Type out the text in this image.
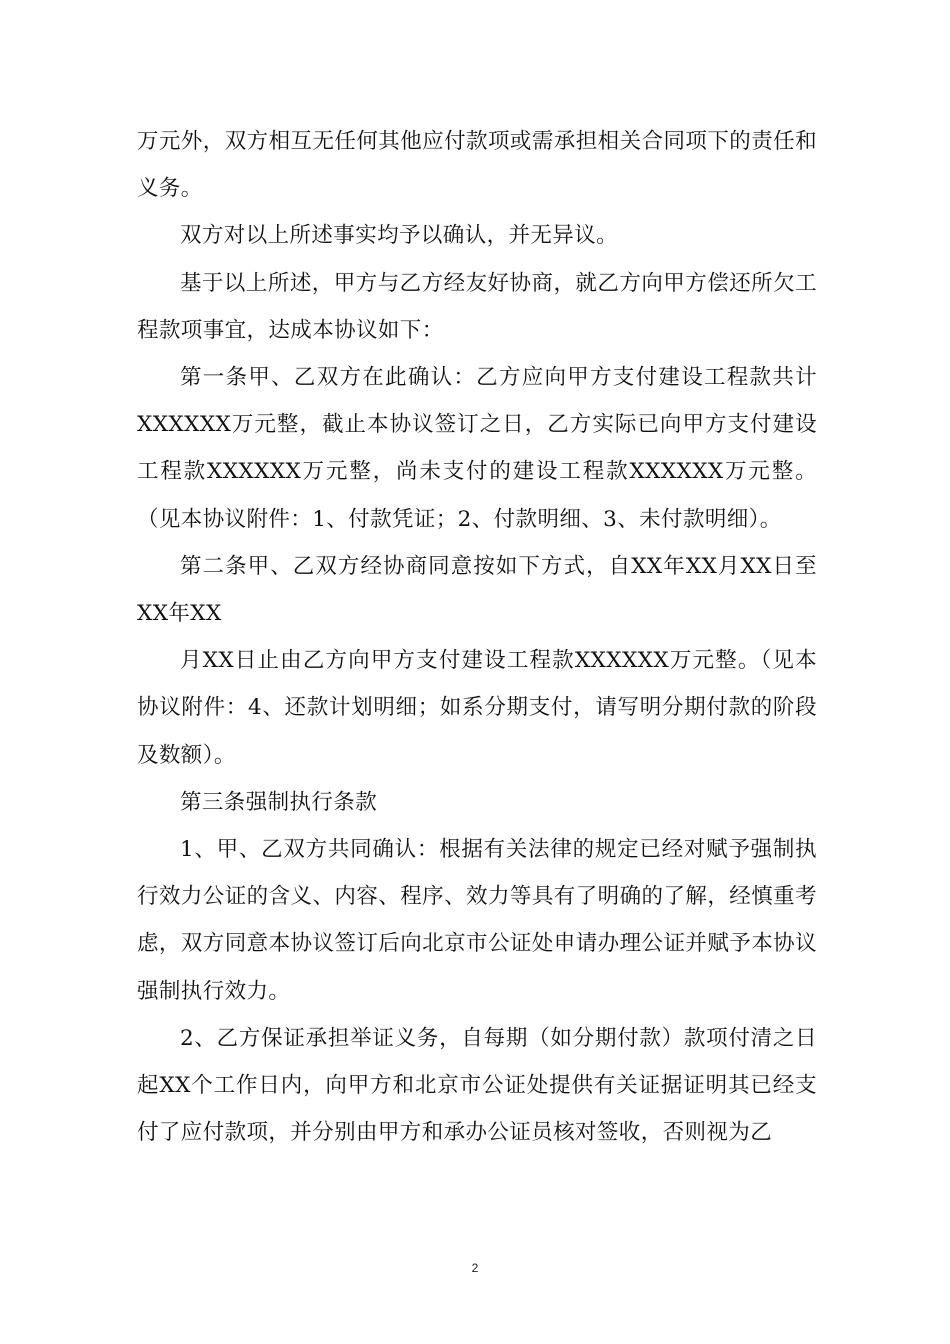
万元外，双方相互无任何其他应付款项或需承担相关合同项下的责任和义务。

双方对以上所述事实均予以确认，并无异议。

基于以上所述，甲方与乙方经友好协商，就乙方向甲方偿还所欠工程款项事宜，达成本协议如下：

第一条甲、乙双方在此确认：乙方应向甲方支付建设工程款共计XXXXXX万元整，截止本协议签订之日，乙方实际已向甲方支付建设工程款XXXXXX万元整，尚未支付的建设工程款XXXXXX万元整。（见本协议附件：1、付款凭证；2、付款明细、3、未付款明细）。

第二条甲、乙双方经协商同意按如下方式，自XX年XX月XX日至XX年XX

月XX日止由乙方向甲方支付建设工程款XXXXXX万元整。（见本协议附件：4、还款计划明细；如系分期支付，请写明分期付款的阶段及数额）。

第三条强制执行条款

1、甲、乙双方共同确认：根据有关法律的规定已经对赋予强制执行效力公证的含义、内容、程序、效力等具有了明确的了解，经慎重考虑，双方同意本协议签订后向北京市公证处申请办理公证并赋予本协议强制执行效力。

2、乙方保证承担举证义务，自每期（如分期付款）款项付清之日起XX个工作日内，向甲方和北京市公证处提供有关证据证明其已经支付了应付款项，并分别由甲方和承办公证员核对签收，否则视为乙

2
